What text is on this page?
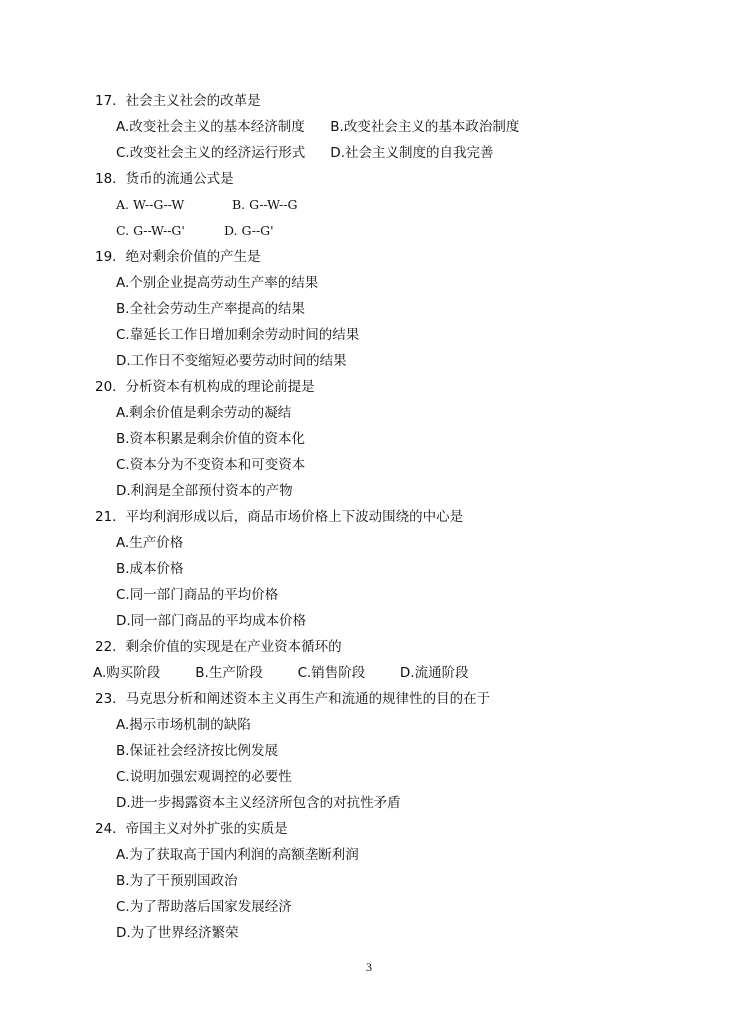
17．社会主义社会的改革是
A.改变社会主义的基本经济制度 B.改变社会主义的基本政治制度
C.改变社会主义的经济运行形式 D.社会主义制度的自我完善
18．货币的流通公式是
A. W--G--W	B. G--W--G
C. G--W--G'	D. G--G'
19．绝对剩余价值的产生是
A.个别企业提高劳动生产率的结果
B.全社会劳动生产率提高的结果
C.靠延长工作日增加剩余劳动时间的结果
D.工作日不变缩短必要劳动时间的结果
20．分析资本有机构成的理论前提是
A.剩余价值是剩余劳动的凝结
B.资本积累是剩余价值的资本化
C.资本分为不变资本和可变资本
D.利润是全部预付资本的产物
21．平均利润形成以后，商品市场价格上下波动围绕的中心是
A.生产价格
B.成本价格
C.同一部门商品的平均价格
D.同一部门商品的平均成本价格
22．剩余价值的实现是在产业资本循环的
A.购买阶段	B.生产阶段	C.销售阶段	D.流通阶段
23．马克思分析和阐述资本主义再生产和流通的规律性的目的在于
A.揭示市场机制的缺陷
B.保证社会经济按比例发展
C.说明加强宏观调控的必要性
D.进一步揭露资本主义经济所包含的对抗性矛盾
24．帝国主义对外扩张的实质是
A.为了获取高于国内利润的高额垄断利润
B.为了干预别国政治
C.为了帮助落后国家发展经济
D.为了世界经济繁荣
3
